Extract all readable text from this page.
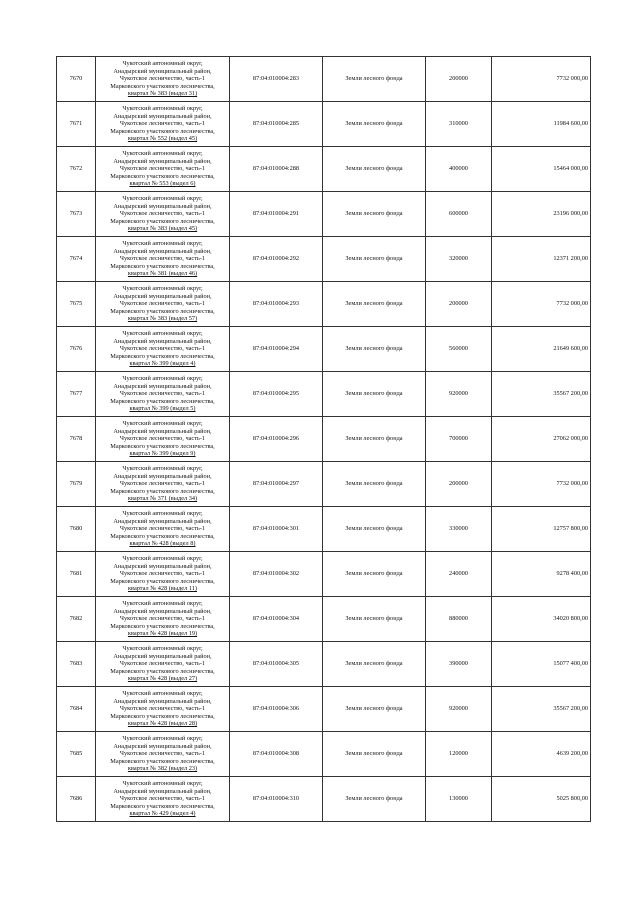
7670	Чукотский автономный округ,
Анадырский муниципальный район,
Чукотское лесничество, часть-1
Марковского участкового лесничества,
квартал № 383 (выдел 31)	87:04:010004:283	Земли лесного фонда	200000	7732 000,00
7671	Чукотский автономный округ,
Анадырский муниципальный район,
Чукотское лесничество, часть-1
Марковского участкового лесничества,
квартал № 552 (выдел 45)	87:04:010004:285	Земли лесного фонда	310000	11984 600,00
7672	Чукотский автономный округ,
Анадырский муниципальный район,
Чукотское лесничество, часть-1
Марковского участкового лесничества,
квартал № 553 (выдел 6)	87:04:010004:288	Земли лесного фонда	400000	15464 000,00
7673	Чукотский автономный округ,
Анадырский муниципальный район,
Чукотское лесничество, часть-1
Марковского участкового лесничества,
квартал № 383 (выдел 45)	87:04:010004:291	Земли лесного фонда	600000	23196 000,00
7674	Чукотский автономный округ,
Анадырский муниципальный район,
Чукотское лесничество, часть-1
Марковского участкового лесничества,
квартал № 381 (выдел 46)	87:04:010004:292	Земли лесного фонда	320000	12371 200,00
7675	Чукотский автономный округ,
Анадырский муниципальный район,
Чукотское лесничество, часть-1
Марковского участкового лесничества,
квартал № 383 (выдел 57)	87:04:010004:293	Земли лесного фонда	200000	7732 000,00
7676	Чукотский автономный округ,
Анадырский муниципальный район,
Чукотское лесничество, часть-1
Марковского участкового лесничества,
квартал № 399 (выдел 4)	87:04:010004:294	Земли лесного фонда	560000	21649 600,00
7677	Чукотский автономный округ,
Анадырский муниципальный район,
Чукотское лесничество, часть-1
Марковского участкового лесничества,
квартал № 399 (выдел 5)	87:04:010004:295	Земли лесного фонда	920000	35567 200,00
7678	Чукотский автономный округ,
Анадырский муниципальный район,
Чукотское лесничество, часть-1
Марковского участкового лесничества,
квартал № 399 (выдел 9)	87:04:010004:296	Земли лесного фонда	700000	27062 000,00
7679	Чукотский автономный округ,
Анадырский муниципальный район,
Чукотское лесничество, часть-1
Марковского участкового лесничества,
квартал № 371 (выдел 34)	87:04:010004:297	Земли лесного фонда	200000	7732 000,00
7680	Чукотский автономный округ,
Анадырский муниципальный район,
Чукотское лесничество, часть-1
Марковского участкового лесничества,
квартал № 428 (выдел 8)	87:04:010004:301	Земли лесного фонда	330000	12757 800,00
7681	Чукотский автономный округ,
Анадырский муниципальный район,
Чукотское лесничество, часть-1
Марковского участкового лесничества,
квартал № 428 (выдел 11)	87:04:010004:302	Земли лесного фонда	240000	9278 400,00
7682	Чукотский автономный округ,
Анадырский муниципальный район,
Чукотское лесничество, часть-1
Марковского участкового лесничества,
квартал № 428 (выдел 19)	87:04:010004:304	Земли лесного фонда	880000	34020 800,00
7683	Чукотский автономный округ,
Анадырский муниципальный район,
Чукотское лесничество, часть-1
Марковского участкового лесничества,
квартал № 428 (выдел 27)	87:04:010004:305	Земли лесного фонда	390000	15077 400,00
7684	Чукотский автономный округ,
Анадырский муниципальный район,
Чукотское лесничество, часть-1
Марковского участкового лесничества,
квартал № 428 (выдел 28)	87:04:010004:306	Земли лесного фонда	920000	35567 200,00
7685	Чукотский автономный округ,
Анадырский муниципальный район,
Чукотское лесничество, часть-1
Марковского участкового лесничества,
квартал № 382 (выдел 23)	87:04:010004:308	Земли лесного фонда	120000	4639 200,00
7686	Чукотский автономный округ,
Анадырский муниципальный район,
Чукотское лесничество, часть-1
Марковского участкового лесничества,
квартал № 429 (выдел 4)	87:04:010004:310	Земли лесного фонда	130000	5025 800,00
